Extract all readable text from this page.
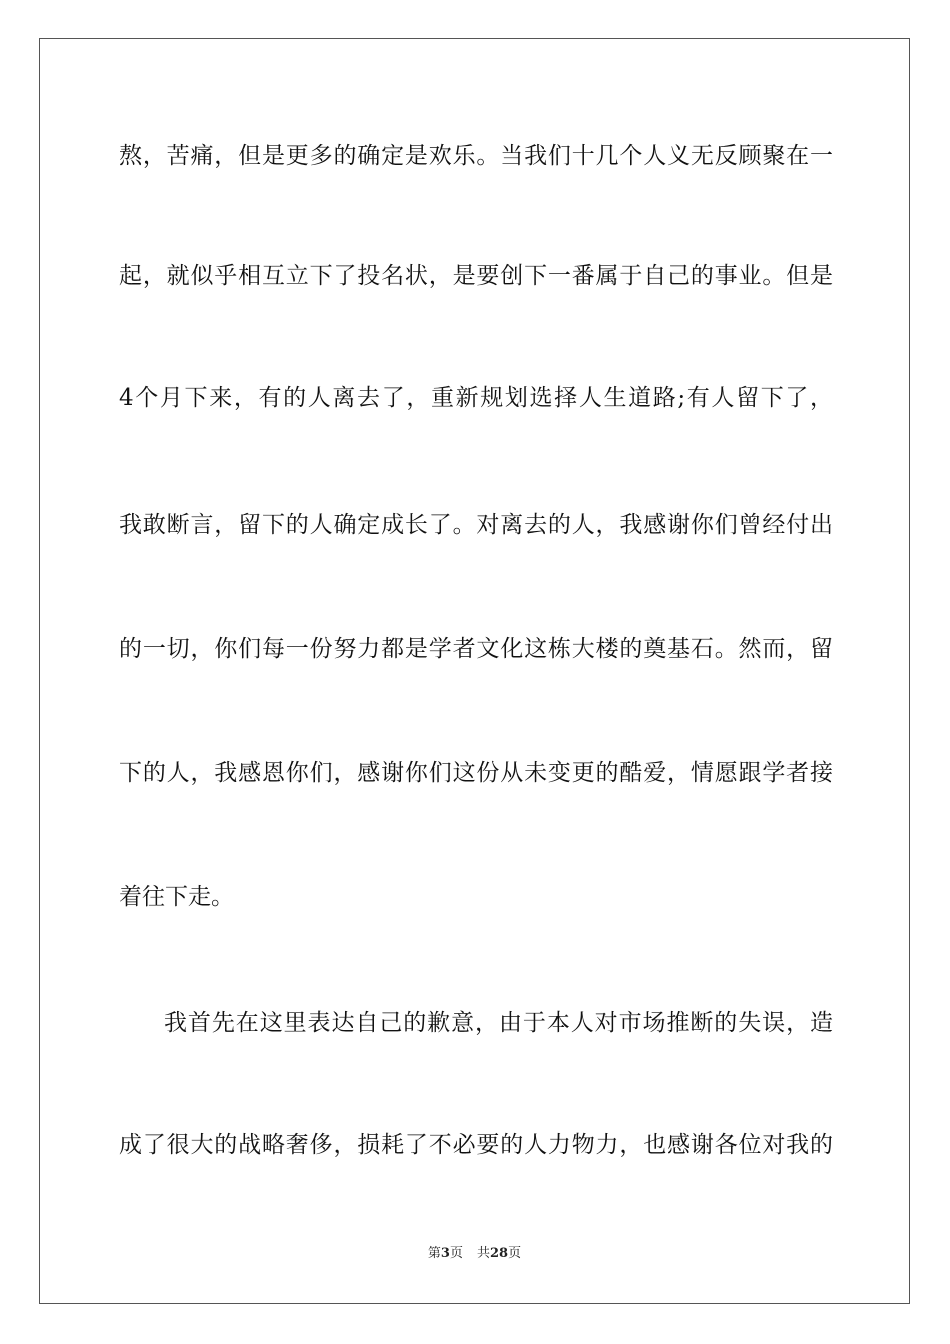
熬，苦痛，但是更多的确定是欢乐。当我们十几个人义无反顾聚在一
起，就似乎相互立下了投名状，是要创下一番属于自己的事业。但是
4个月下来，有的人离去了，重新规划选择人生道路;有人留下了，
我敢断言，留下的人确定成长了。对离去的人，我感谢你们曾经付出
的一切，你们每一份努力都是学者文化这栋大楼的奠基石。然而，留
下的人，我感恩你们，感谢你们这份从未变更的酷爱，情愿跟学者接
着往下走。
我首先在这里表达自己的歉意，由于本人对市场推断的失误，造
成了很大的战略奢侈，损耗了不必要的人力物力，也感谢各位对我的
第3页 共28页
